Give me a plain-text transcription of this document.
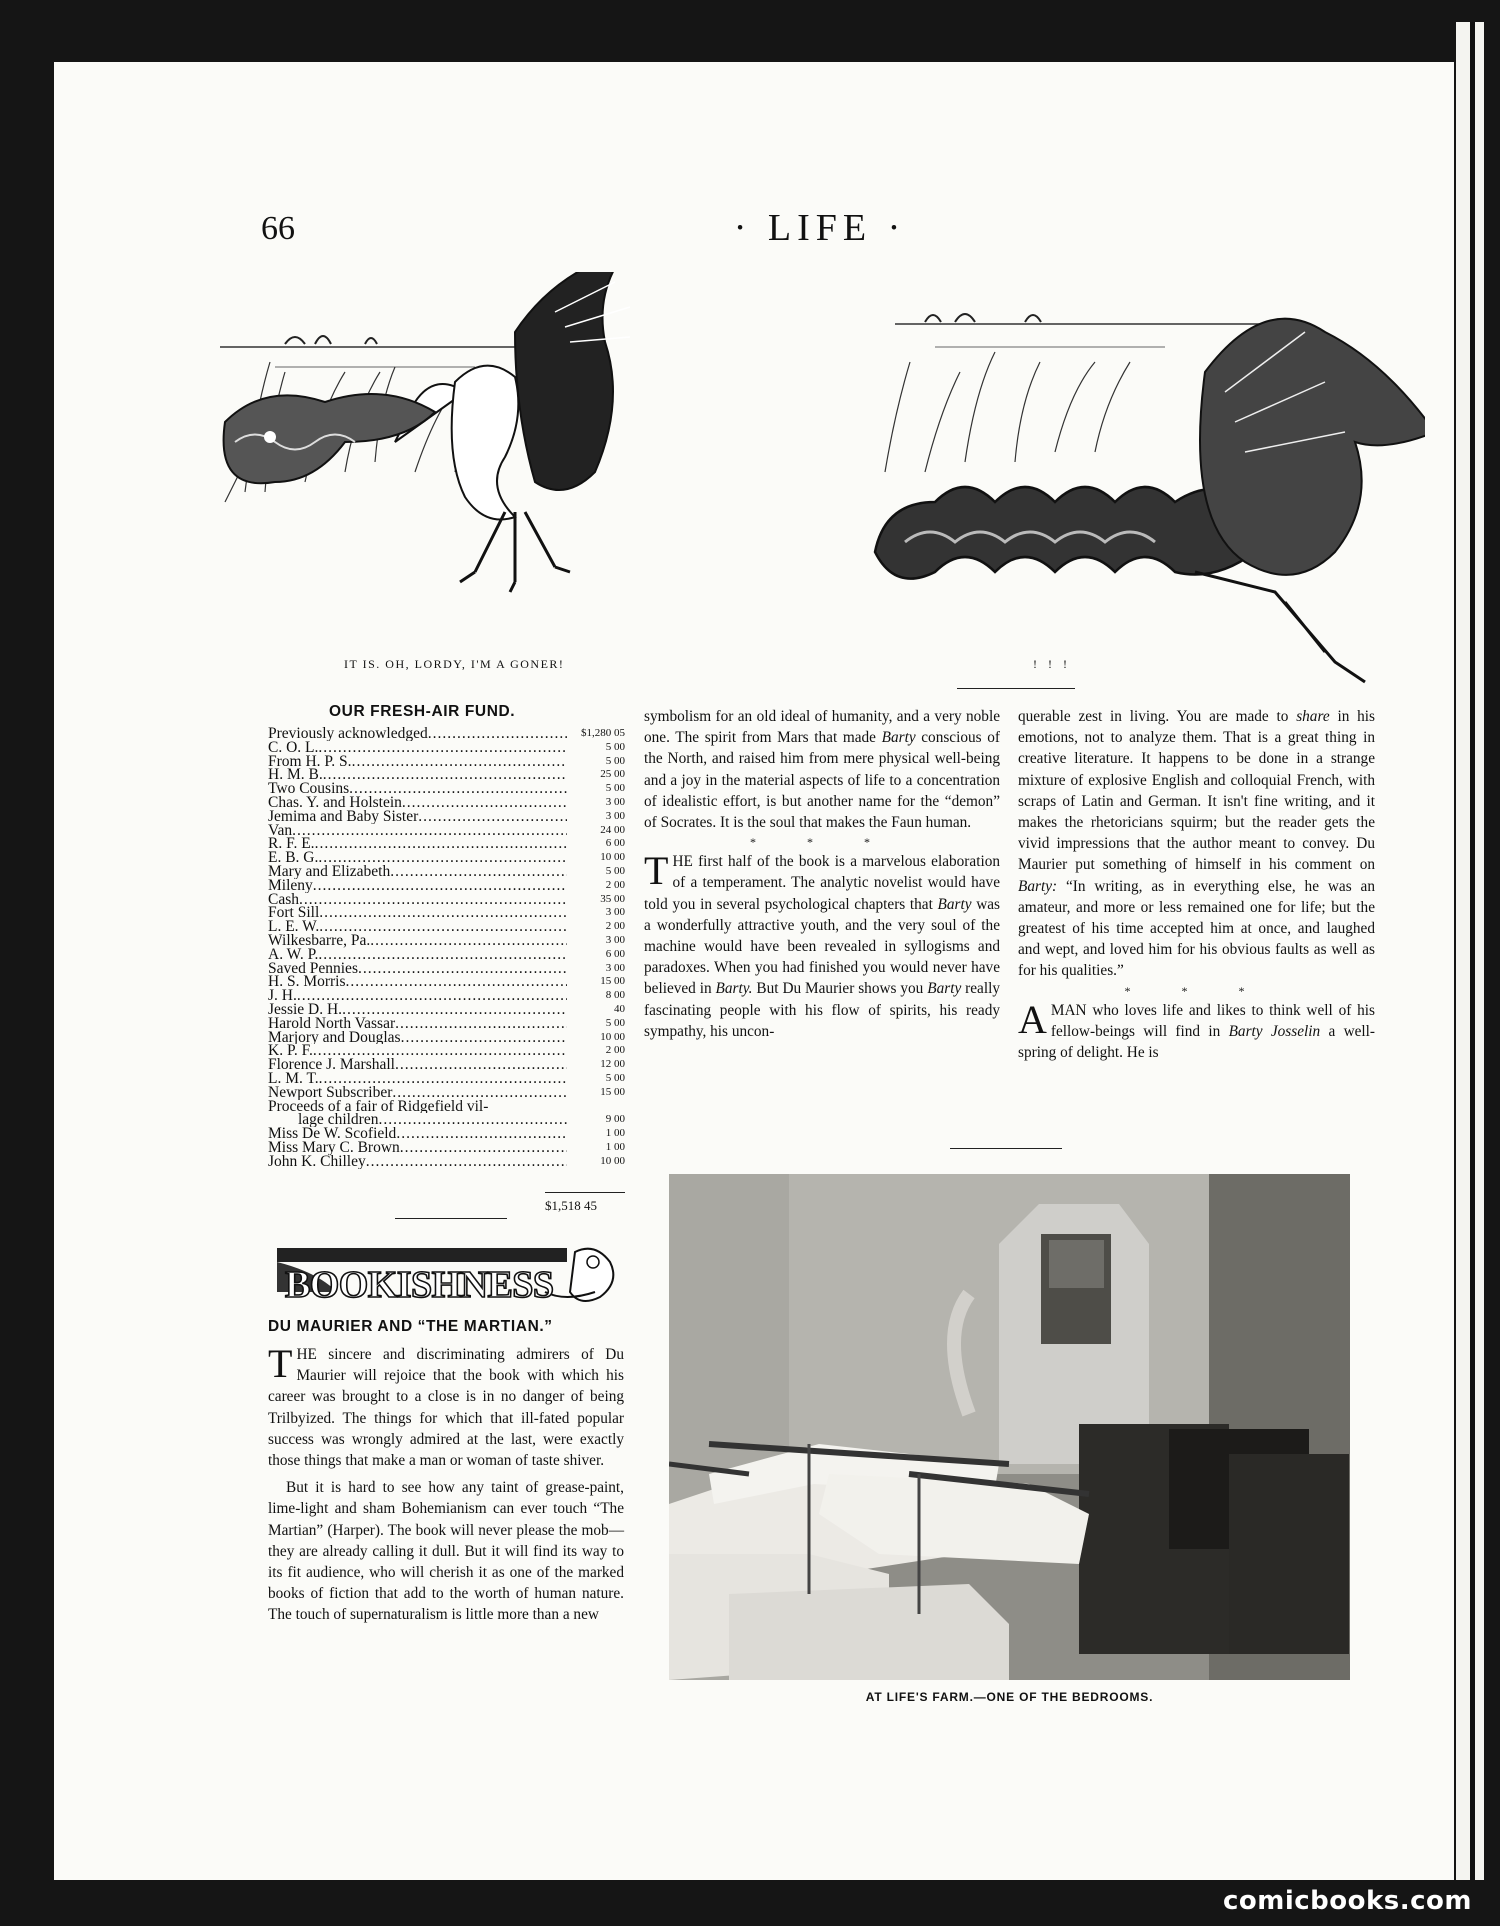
66	· LIFE ·
IT IS. OH, LORDY, I'M A GONER!	! ! !
OUR FRESH-AIR FUND.
Previously acknowledged .....	$1,280 05
C. O. L. .....	5 00
From H. P. S. .....	5 00
H. M. B. .....	25 00
Two Cousins .....	5 00
Chas. Y. and Holstein .....	3 00
Jemima and Baby Sister .....	3 00
Van .....	24 00
R. F. E. .....	6 00
E. B. G. .....	10 00
Mary and Elizabeth .....	5 00
Mileny .....	2 00
Cash .....	35 00
Fort Sill .....	3 00
L. E. W. .....	2 00
Wilkesbarre, Pa. .....	3 00
A. W. P. .....	6 00
Saved Pennies .....	3 00
H. S. Morris .....	15 00
J. H. .....	8 00
Jessie D. H. .....	40
Harold North Vassar .....	5 00
Marjory and Douglas .....	10 00
K. P. F. .....	2 00
Florence J. Marshall .....	12 00
L. M. T. .....	5 00
Newport Subscriber .....	15 00
Proceeds of a fair of Ridgefield vil-
lage children .....	9 00
Miss De W. Scofield .....	1 00
Miss Mary C. Brown .....	1 00
John K. Chilley .....	10 00
$1,518 45
BOOKISHNESS
DU MAURIER AND “THE MARTIAN.”

THE sincere and discriminating admirers of Du Maurier will rejoice that the book with which his career was brought to a close is in no danger of being Trilbyized. The things for which that ill-fated popular success was wrongly admired at the last, were exactly those things that make a man or woman of taste shiver.

But it is hard to see how any taint of grease-paint, lime-light and sham Bohemianism can ever touch “The Martian” (Harper). The book will never please the mob—they are already calling it dull. But it will find its way to its fit audience, who will cherish it as one of the marked books of fiction that add to the worth of human nature. The touch of supernaturalism is little more than a new

symbolism for an old ideal of humanity, and a very noble one. The spirit from Mars that made Barty conscious of the North, and raised him from mere physical well-being and a joy in the material aspects of life to a concentration of idealistic effort, is but another name for the “demon” of Socrates. It is the soul that makes the Faun human.

* * *

THE first half of the book is a marvelous elaboration of a temperament. The analytic novelist would have told you in several psychological chapters that Barty was a wonderfully attractive youth, and the very soul of the machine would have been revealed in syllogisms and paradoxes. When you had finished you would never have believed in Barty. But Du Maurier shows you Barty really fascinating people with his flow of spirits, his ready sympathy, his uncon-

querable zest in living. You are made to share in his emotions, not to analyze them. That is a great thing in creative literature. It happens to be done in a strange mixture of explosive English and colloquial French, with scraps of Latin and German. It isn't fine writing, and it makes the rhetoricians squirm; but the reader gets the vivid impressions that the author meant to convey. Du Maurier put something of himself in his comment on Barty: “In writing, as in everything else, he was an amateur, and more or less remained one for life; but the greatest of his time accepted him at once, and laughed and wept, and loved him for his obvious faults as well as for his qualities.”

* * *

A MAN who loves life and likes to think well of his fellow-beings will find in Barty Josselin a well-spring of delight. He is

AT LIFE'S FARM.—ONE OF THE BEDROOMS.
comicbooks.com
